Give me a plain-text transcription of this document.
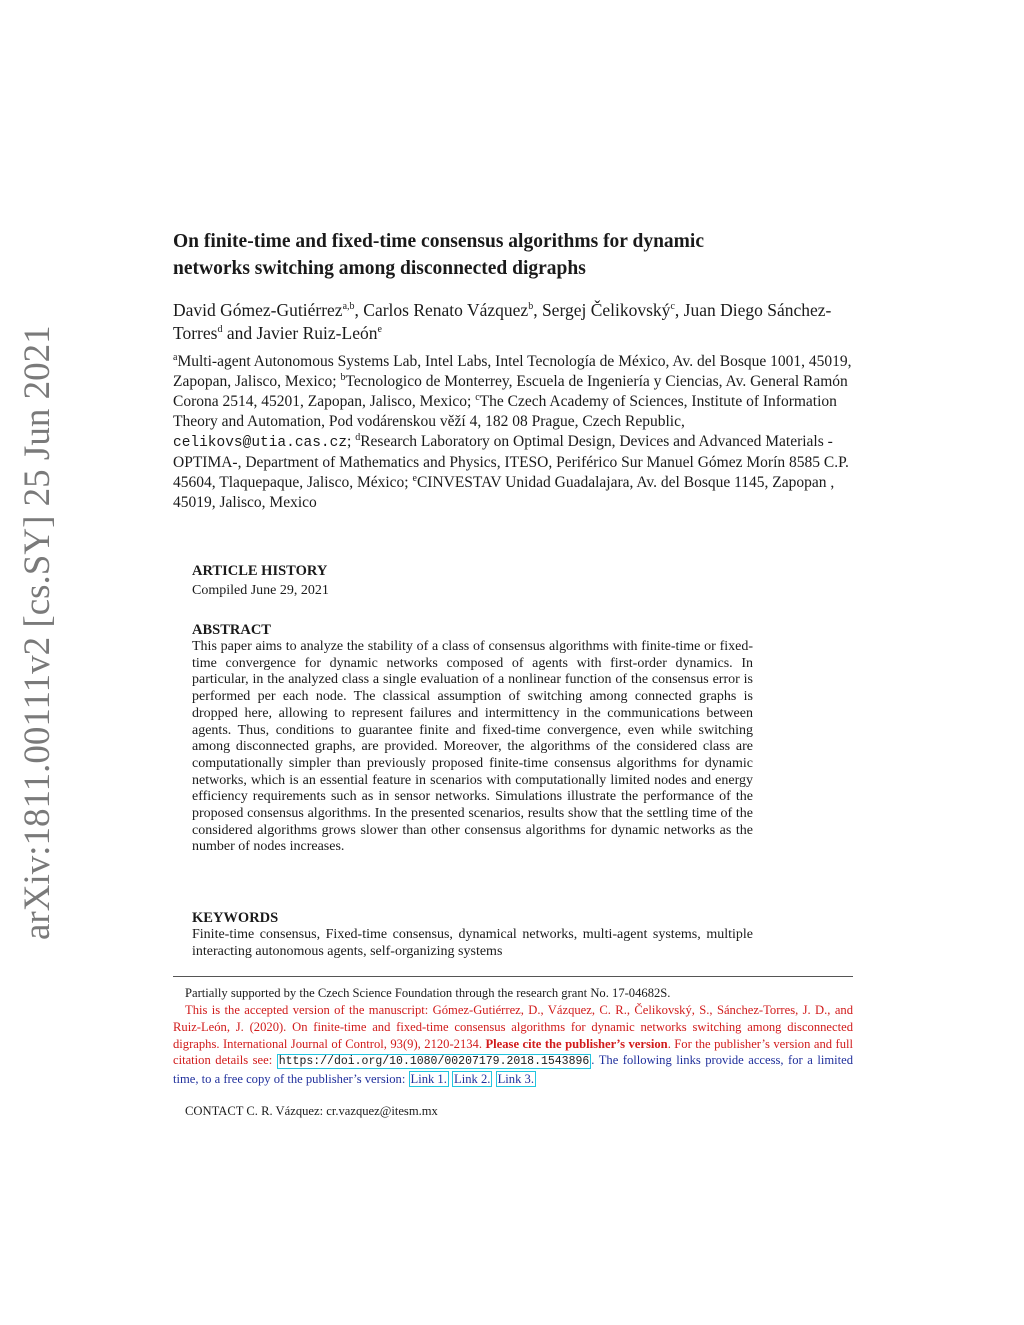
arXiv:1811.00111v2 [cs.SY] 25 Jun 2021
On finite-time and fixed-time consensus algorithms for dynamic
networks switching among disconnected digraphs
David Gómez-Gutiérrez$^{a,b}$, Carlos Renato Vázquez$^b$, Sergej Čelikovský$^c$, Juan Diego Sánchez-Torres$^d$ and Javier Ruiz-León$^e$
$^a$Multi-agent Autonomous Systems Lab, Intel Labs, Intel Tecnología de México, Av. del Bosque 1001, 45019, Zapopan, Jalisco, Mexico; $^b$Tecnologico de Monterrey, Escuela de Ingeniería y Ciencias, Av. General Ramón Corona 2514, 45201, Zapopan, Jalisco, Mexico; $^c$The Czech Academy of Sciences, Institute of Information Theory and Automation, Pod vodárenskou věží 4, 182 08 Prague, Czech Republic, celikovs@utia.cas.cz; $^d$Research Laboratory on Optimal Design, Devices and Advanced Materials -OPTIMA-, Department of Mathematics and Physics, ITESO, Periférico Sur Manuel Gómez Morín 8585 C.P. 45604, Tlaquepaque, Jalisco, México; $^e$CINVESTAV Unidad Guadalajara, Av. del Bosque 1145, Zapopan , 45019, Jalisco, Mexico
ARTICLE HISTORY
Compiled June 29, 2021
ABSTRACT
This paper aims to analyze the stability of a class of consensus algorithms with finite-time or fixed-time convergence for dynamic networks composed of agents with first-order dynamics. In particular, in the analyzed class a single evaluation of a nonlinear function of the consensus error is performed per each node. The classical assumption of switching among connected graphs is dropped here, allowing to represent failures and intermittency in the communications between agents. Thus, conditions to guarantee finite and fixed-time convergence, even while switching among disconnected graphs, are provided. Moreover, the algorithms of the considered class are computationally simpler than previously proposed finite-time consensus algorithms for dynamic networks, which is an essential feature in scenarios with computationally limited nodes and energy efficiency requirements such as in sensor networks. Simulations illustrate the performance of the proposed consensus algorithms. In the presented scenarios, results show that the settling time of the considered algorithms grows slower than other consensus algorithms for dynamic networks as the number of nodes increases.
KEYWORDS
Finite-time consensus, Fixed-time consensus, dynamical networks, multi-agent systems, multiple interacting autonomous agents, self-organizing systems
Partially supported by the Czech Science Foundation through the research grant No. 17-04682S.
This is the accepted version of the manuscript: Gómez-Gutiérrez, D., Vázquez, C. R., Čelikovský, S., Sánchez-Torres, J. D., and Ruiz-León, J. (2020). On finite-time and fixed-time consensus algorithms for dynamic networks switching among disconnected digraphs. International Journal of Control, 93(9), 2120-2134. Please cite the publisher’s version. For the publisher’s version and full citation details see: https://doi.org/10.1080/00207179.2018.1543896 . The following links provide access, for a limited time, to a free copy of the publisher’s version: Link 1. Link 2. Link 3.
CONTACT C. R. Vázquez: cr.vazquez@itesm.mx
